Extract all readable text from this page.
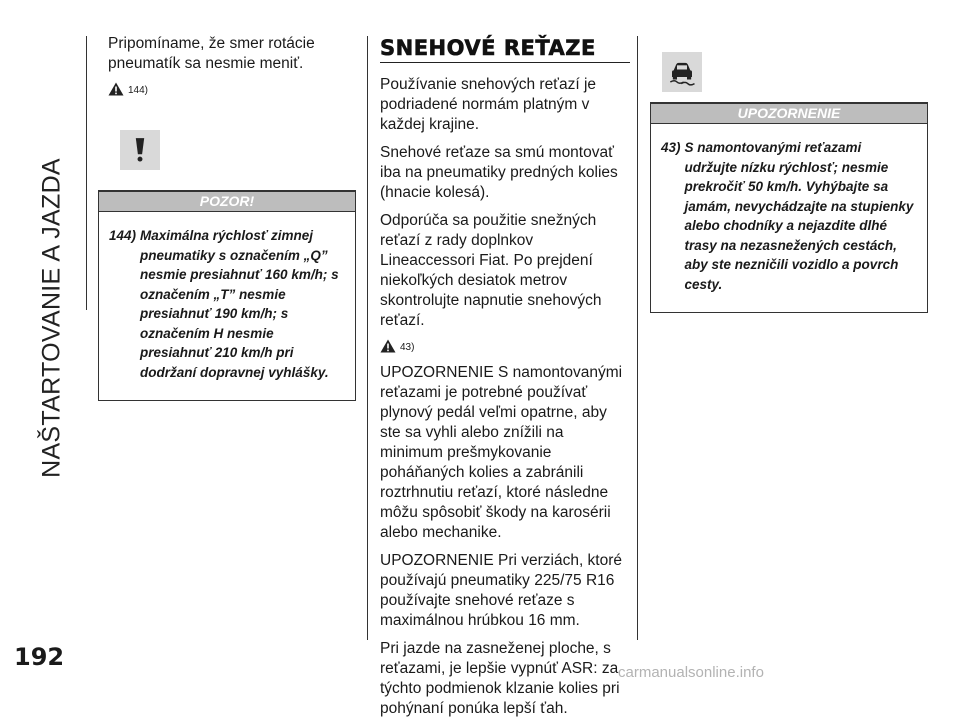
NAŠTARTOVANIE A JAZDA

Pripomíname, že smer rotácie pneumatík sa nesmie meniť.

144)
POZOR!
144) Maximálna rýchlosť zimnej pneumatiky s označením „Q” nesmie presiahnuť 160 km/h; s označením „T” nesmie presiahnuť 190 km/h; s označením H nesmie presiahnuť 210 km/h pri dodržaní dopravnej vyhlášky.
SNEHOVÉ REŤAZE

Používanie snehových reťazí je podriadené normám platným v každej krajine.

Snehové reťaze sa smú montovať iba na pneumatiky predných kolies (hnacie kolesá).

Odporúča sa použitie snežných reťazí z rady doplnkov Lineaccessori Fiat. Po prejdení niekoľkých desiatok metrov skontrolujte napnutie snehových reťazí.

43)

UPOZORNENIE S namontovanými reťazami je potrebné používať plynový pedál veľmi opatrne, aby ste sa vyhli alebo znížili na minimum prešmykovanie poháňaných kolies a zabránili roztrhnutiu reťazí, ktoré následne môžu spôsobiť škody na karosérii alebo mechanike.

UPOZORNENIE Pri verziách, ktoré používajú pneumatiky 225/75 R16 používajte snehové reťaze s maximálnou hrúbkou 16 mm.

Pri jazde na zasneženej ploche, s reťazami, je lepšie vypnúť ASR: za týchto podmienok klzanie kolies pri pohýnaní ponúka lepší ťah.

UPOZORNENIE
43) S namontovanými reťazami udržujte nízku rýchlosť; nesmie prekročiť 50 km/h. Vyhýbajte sa jamám, nevychádzajte na stupienky alebo chodníky a nejazdite dlhé trasy na nezasnežených cestách, aby ste nezničili vozidlo a povrch cesty.
192
carmanualsonline.info
